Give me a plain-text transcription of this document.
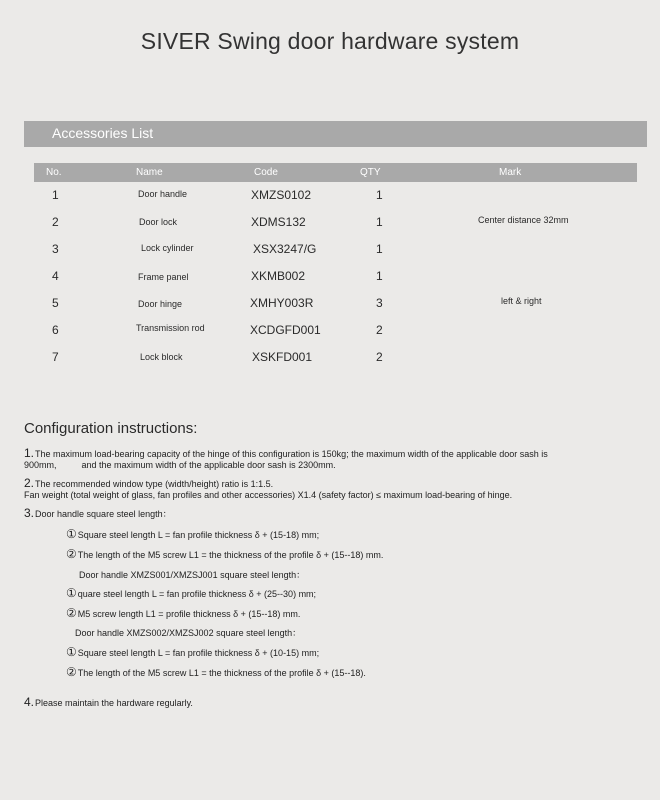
SIVER Swing door hardware system
Accessories List
No.	Name	Code	QTY	Mark
1	Door handle	XMZS0102	1
2	Door lock	XDMS132	1	Center distance 32mm
3	Lock cylinder	XSX3247/G	1
4	Frame panel	XKMB002	1
5	Door hinge	XMHY003R	3	left & right
6	Transmission rod	XCDGFD001	2
7	Lock block	XSKFD001	2
Configuration instructions:
1.The maximum load-bearing capacity of the hinge of this configuration is 150kg; the maximum width of the applicable door sash is
900mm,          and the maximum width of the applicable door sash is 2300mm.
2.The recommended window type (width/height) ratio is 1:1.5.
Fan weight (total weight of glass, fan profiles and other accessories) X1.4 (safety factor) ≤ maximum load-bearing of hinge.
3.Door handle square steel length：
①Square steel length L = fan profile thickness δ + (15-18) mm;
②The length of the M5 screw L1 = the thickness of the profile δ + (15--18) mm.
Door handle XMZS001/XMZSJ001 square steel length：
①quare steel length L = fan profile thickness δ + (25--30) mm;
②M5 screw length L1 = profile thickness δ + (15--18) mm.
Door handle XMZS002/XMZSJ002 square steel length：
①Square steel length L = fan profile thickness δ + (10-15) mm;
②The length of the M5 screw L1 = the thickness of the profile δ + (15--18).
4.Please maintain the hardware regularly.
